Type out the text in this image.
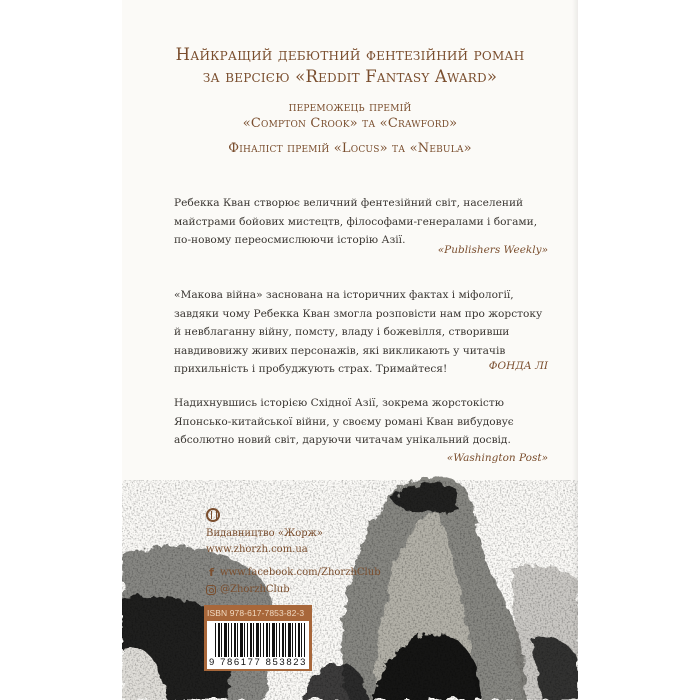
Найкращий дебютний фентезійний роман
за версією «Reddit Fantasy Award»
переможець премій
«Compton Crook» та «Crawford»
Фіналіст премій «Locus» та «Nebula»

Ребекка Кван створює величний фентезійний світ, населений

майстрами бойових мистецтв, філософами-генералами і богами,

по-новому переосмислюючи історію Азії.

«Publishers Weekly»

«Макова війна» заснована на історичних фактах і міфології,

завдяки чому Ребекка Кван змогла розповісти нам про жорстоку

й невблаганну війну, помсту, владу і божевілля, створивши

навдивовижу живих персонажів, які викликають у читачів

прихильність і пробуджують страх. Тримайтеся!	ФОНДА ЛІ

Надихнувшись історією Східної Азії, зокрема жорстокістю

Японсько-китайської війни, у своєму романі Кван вибудовує

абсолютно новий світ, даруючи читачам унікальний досвід.

«Washington Post»
Видавництво «Жорж»
www.zhorzh.com.ua
f www.facebook.com/ZhorzhClub
@ZhorzhClub
ISBN 978-617-7853-82-3
9 786177 853823
